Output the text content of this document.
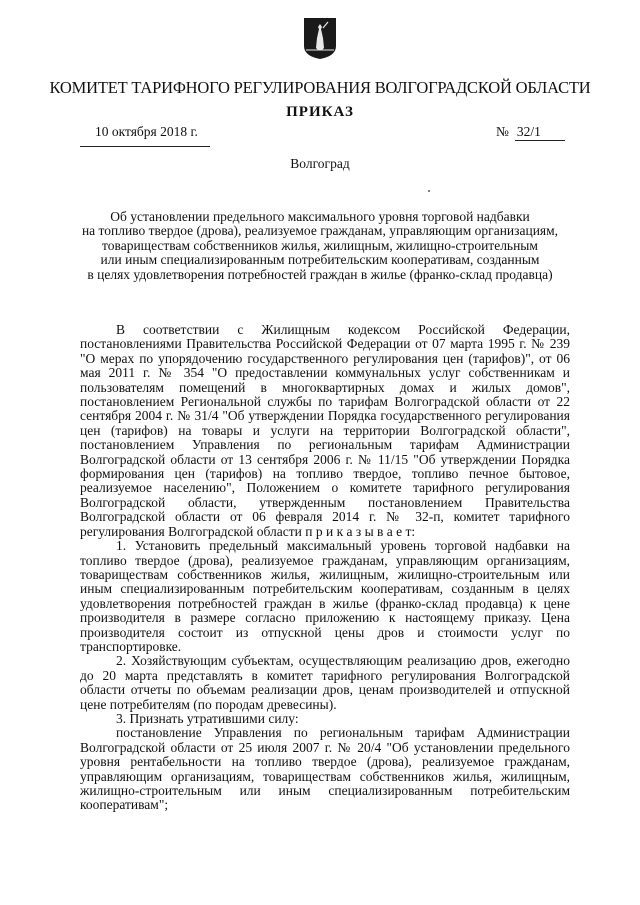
КОМИТЕТ ТАРИФНОГО РЕГУЛИРОВАНИЯ ВОЛГОГРАДСКОЙ ОБЛАСТИ
ПРИКАЗ
10 октября 2018 г.	№ 32/1
Волгоград
Об установлении предельного максимального уровня торговой надбавки
на топливо твердое (дрова), реализуемое гражданам, управляющим организациям,
товариществам собственников жилья, жилищным, жилищно-строительным
или иным специализированным потребительским кооперативам, созданным
в целях удовлетворения потребностей граждан в жилье (франко-склад продавца)

В соответствии с Жилищным кодексом Российской Федерации, постановлениями Правительства Российской Федерации от 07 марта 1995 г. № 239 "О мерах по упорядочению государственного регулирования цен (тарифов)", от 06 мая 2011 г. № 354 "О предоставлении коммунальных услуг собственникам и пользователям помещений в многоквартирных домах и жилых домов", постановлением Региональной службы по тарифам Волгоградской области от 22 сентября 2004 г. № 31/4 "Об утверждении Порядка государственного регулирования цен (тарифов) на товары и услуги на территории Волгоградской области", постановлением Управления по региональным тарифам Администрации Волгоградской области от 13 сентября 2006 г. № 11/15 "Об утверждении Порядка формирования цен (тарифов) на топливо твердое, топливо печное бытовое, реализуемое населению", Положением о комитете тарифного регулирования Волгоградской области, утвержденным постановлением Правительства Волгоградской области от 06 февраля 2014 г. № 32-п, комитет тарифного регулирования Волгоградской области п р и к а з ы в а е т:

1. Установить предельный максимальный уровень торговой надбавки на топливо твердое (дрова), реализуемое гражданам, управляющим организациям, товариществам собственников жилья, жилищным, жилищно-строительным или иным специализированным потребительским кооперативам, созданным в целях удовлетворения потребностей граждан в жилье (франко-склад продавца) к цене производителя в размере согласно приложению к настоящему приказу. Цена производителя состоит из отпускной цены дров и стоимости услуг по транспортировке.

2. Хозяйствующим субъектам, осуществляющим реализацию дров, ежегодно до 20 марта представлять в комитет тарифного регулирования Волгоградской области отчеты по объемам реализации дров, ценам производителей и отпускной цене потребителям (по породам древесины).

3. Признать утратившими силу:

постановление Управления по региональным тарифам Администрации Волгоградской области от 25 июля 2007 г. № 20/4 "Об установлении предельного уровня рентабельности на топливо твердое (дрова), реализуемое гражданам, управляющим организациям, товариществам собственников жилья, жилищным, жилищно-строительным или иным специализированным потребительским кооперативам";
